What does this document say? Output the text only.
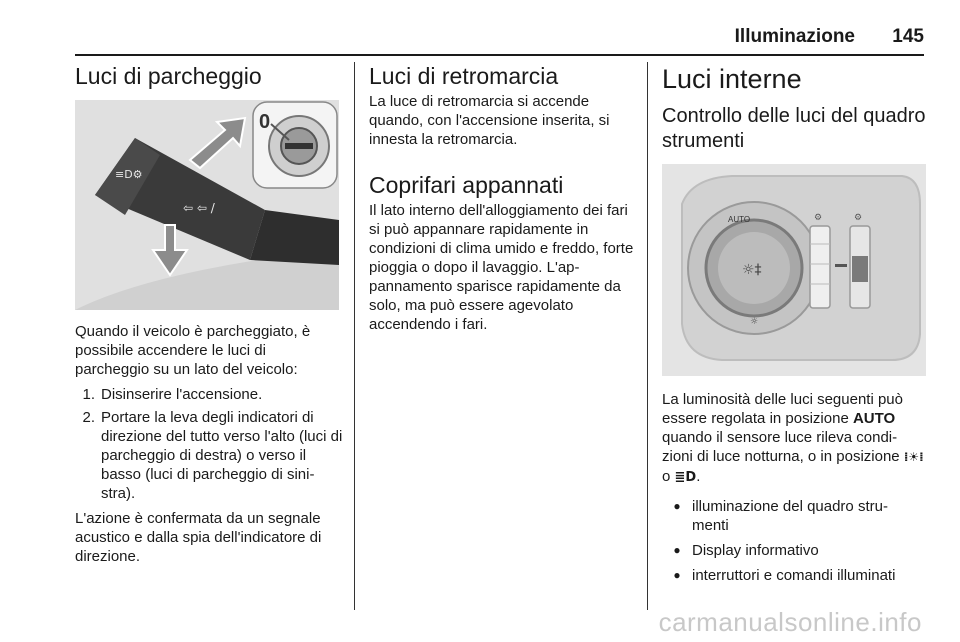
Illuminazione 145
Luci di parcheggio
≡D⚙
⇦ ⇦ /
0

Quando il veicolo è parcheggiato, è possibile accendere le luci di parcheggio su un lato del veicolo:

1. Disinserire l'accensione.
2. Portare la leva degli indicatori di direzione del tutto verso l'alto (luci di parcheggio di destra) o verso il basso (luci di parcheggio di sini- stra).

L'azione è confermata da un segnale acustico e dalla spia dell'indicatore di direzione.

Luci di retromarcia

La luce di retromarcia si accende quando, con l'accensione inserita, si innesta la retromarcia.

Coprifari appannati

Il lato interno dell'alloggiamento dei fari si può appannare rapidamente in condizioni di clima umido e freddo, forte pioggia o dopo il lavaggio. L'ap- pannamento sparisce rapidamente da solo, ma può essere agevolato accendendo i fari.

Luci interne
Controllo delle luci del quadro strumenti
☼‡
AUTO
☼
⚙	⚙

La luminosità delle luci seguenti può essere regolata in posizione AUTO quando il sensore luce rileva condi- zioni di luce notturna, o in posizione ⁞☀⁞ o ≣D.

● illuminazione del quadro stru- menti
● Display informativo
● interruttori e comandi illuminati
carmanualsonline.info
